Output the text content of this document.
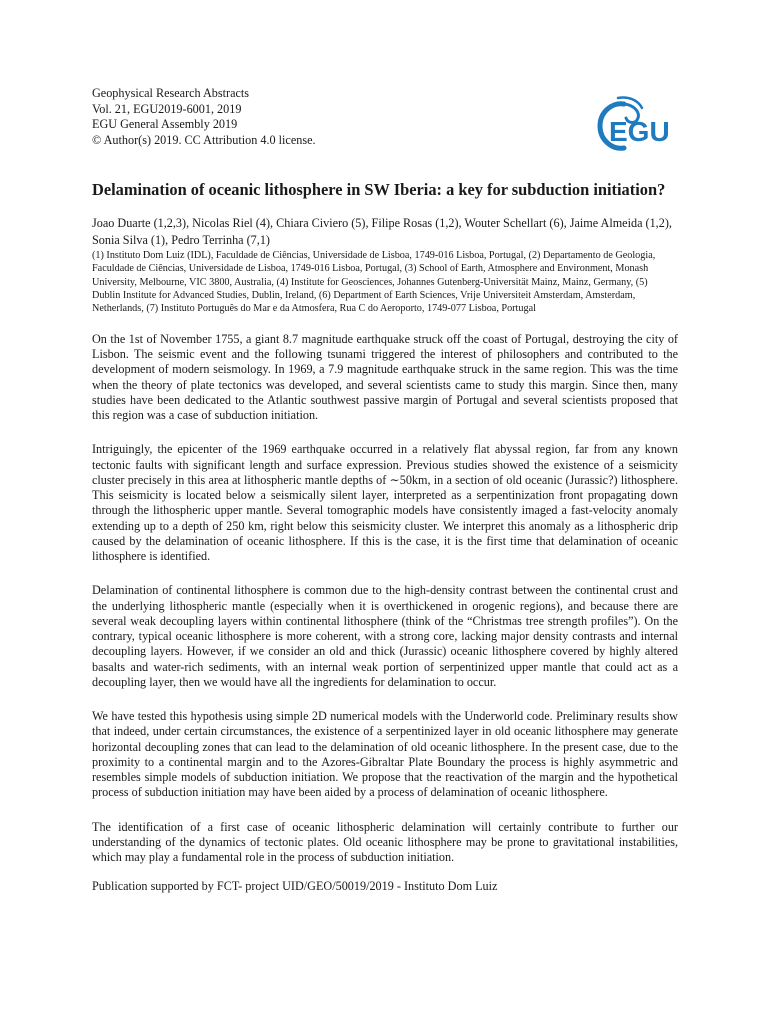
EGU
Geophysical Research Abstracts
Vol. 21, EGU2019-6001, 2019
EGU General Assembly 2019
© Author(s) 2019. CC Attribution 4.0 license.
Delamination of oceanic lithosphere in SW Iberia: a key for subduction initiation?
Joao Duarte (1,2,3), Nicolas Riel (4), Chiara Civiero (5), Filipe Rosas (1,2), Wouter Schellart (6), Jaime Almeida (1,2), Sonia Silva (1), Pedro Terrinha (7,1)
(1) Instituto Dom Luiz (IDL), Faculdade de Ciências, Universidade de Lisboa, 1749-016 Lisboa, Portugal, (2) Departamento de Geologia, Faculdade de Ciências, Universidade de Lisboa, 1749-016 Lisboa, Portugal, (3) School of Earth, Atmosphere and Environment, Monash University, Melbourne, VIC 3800, Australia, (4) Institute for Geosciences, Johannes Gutenberg-Universität Mainz, Mainz, Germany, (5) Dublin Institute for Advanced Studies, Dublin, Ireland, (6) Department of Earth Sciences, Vrije Universiteit Amsterdam, Amsterdam, Netherlands, (7) Instituto Português do Mar e da Atmosfera, Rua C do Aeroporto, 1749-077 Lisboa, Portugal

On the 1st of November 1755, a giant 8.7 magnitude earthquake struck off the coast of Portugal, destroying the city of Lisbon. The seismic event and the following tsunami triggered the interest of philosophers and contributed to the development of modern seismology. In 1969, a 7.9 magnitude earthquake struck in the same region. This was the time when the theory of plate tectonics was developed, and several scientists came to study this margin. Since then, many studies have been dedicated to the Atlantic southwest passive margin of Portugal and several scientists proposed that this region was a case of subduction initiation.

Intriguingly, the epicenter of the 1969 earthquake occurred in a relatively flat abyssal region, far from any known tectonic faults with significant length and surface expression. Previous studies showed the existence of a seismicity cluster precisely in this area at lithospheric mantle depths of ∼50km, in a section of old oceanic (Jurassic?) lithosphere. This seismicity is located below a seismically silent layer, interpreted as a serpentinization front propagating down through the lithospheric upper mantle. Several tomographic models have consistently imaged a fast-velocity anomaly extending up to a depth of 250 km, right below this seismicity cluster. We interpret this anomaly as a lithospheric drip caused by the delamination of oceanic lithosphere. If this is the case, it is the first time that delamination of oceanic lithosphere is identified.

Delamination of continental lithosphere is common due to the high-density contrast between the continental crust and the underlying lithospheric mantle (especially when it is overthickened in orogenic regions), and because there are several weak decoupling layers within continental lithosphere (think of the “Christmas tree strength profiles”). On the contrary, typical oceanic lithosphere is more coherent, with a strong core, lacking major density contrasts and internal decoupling layers. However, if we consider an old and thick (Jurassic) oceanic lithosphere covered by highly altered basalts and water-rich sediments, with an internal weak portion of serpentinized upper mantle that could act as a decoupling layer, then we would have all the ingredients for delamination to occur.

We have tested this hypothesis using simple 2D numerical models with the Underworld code. Preliminary results show that indeed, under certain circumstances, the existence of a serpentinized layer in old oceanic lithosphere may generate horizontal decoupling zones that can lead to the delamination of old oceanic lithosphere. In the present case, due to the proximity to a continental margin and to the Azores-Gibraltar Plate Boundary the process is highly asymmetric and resembles simple models of subduction initiation. We propose that the reactivation of the margin and the hypothetical process of subduction initiation may have been aided by a process of delamination of oceanic lithosphere.

The identification of a first case of oceanic lithospheric delamination will certainly contribute to further our understanding of the dynamics of tectonic plates. Old oceanic lithosphere may be prone to gravitational instabilities, which may play a fundamental role in the process of subduction initiation.

Publication supported by FCT- project UID/GEO/50019/2019 - Instituto Dom Luiz
